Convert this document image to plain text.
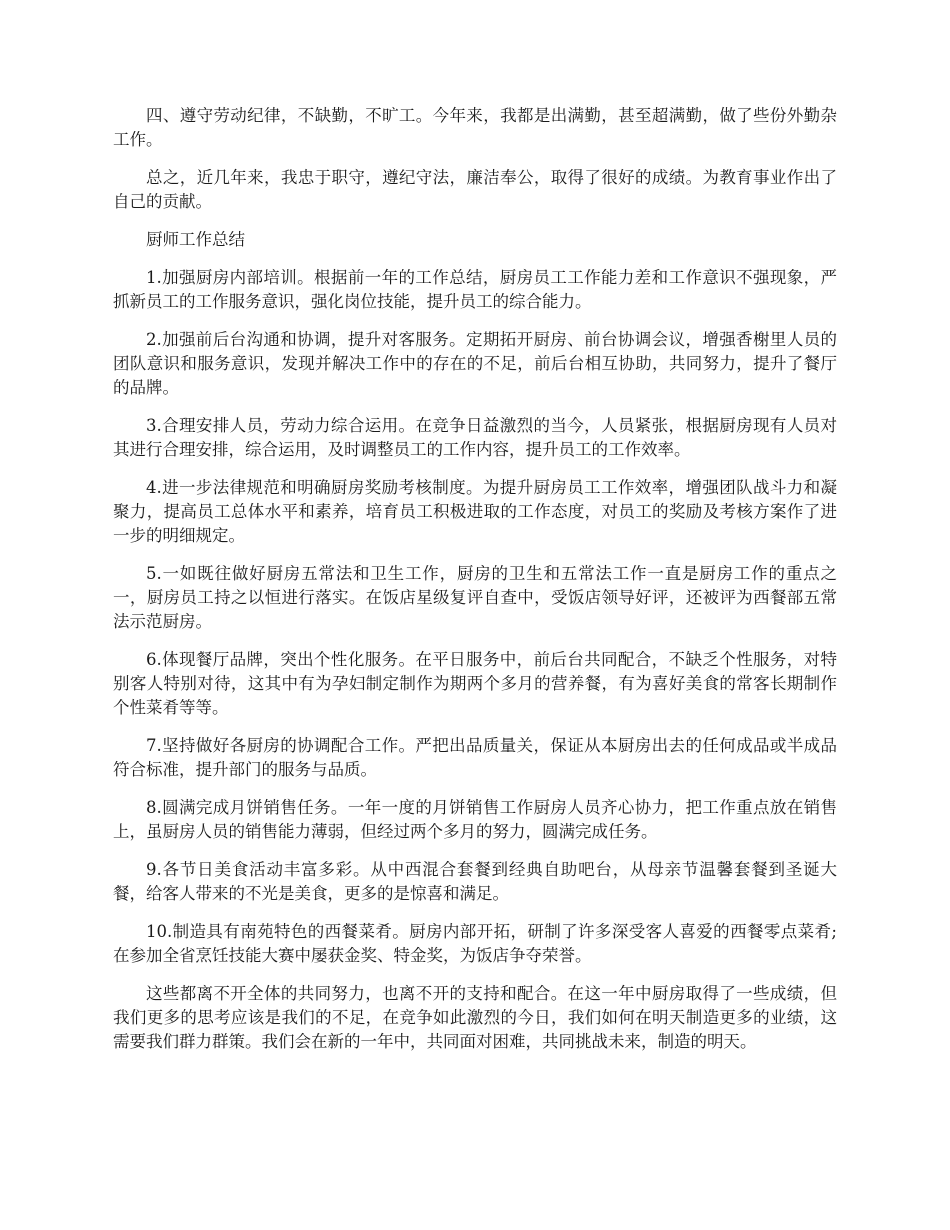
四、遵守劳动纪律，不缺勤，不旷工。今年来，我都是出满勤，甚至超满勤，做了些份外勤杂工作。

总之，近几年来，我忠于职守，遵纪守法，廉洁奉公，取得了很好的成绩。为教育事业作出了自己的贡献。

厨师工作总结

1.加强厨房内部培训。根据前一年的工作总结，厨房员工工作能力差和工作意识不强现象，严抓新员工的工作服务意识，强化岗位技能，提升员工的综合能力。

2.加强前后台沟通和协调，提升对客服务。定期拓开厨房、前台协调会议，增强香榭里人员的团队意识和服务意识，发现并解决工作中的存在的不足，前后台相互协助，共同努力，提升了餐厅的品牌。

3.合理安排人员，劳动力综合运用。在竞争日益激烈的当今，人员紧张，根据厨房现有人员对其进行合理安排，综合运用，及时调整员工的工作内容，提升员工的工作效率。

4.进一步法律规范和明确厨房奖励考核制度。为提升厨房员工工作效率，增强团队战斗力和凝聚力，提高员工总体水平和素养，培育员工积极进取的工作态度，对员工的奖励及考核方案作了进一步的明细规定。

5.一如既往做好厨房五常法和卫生工作，厨房的卫生和五常法工作一直是厨房工作的重点之一，厨房员工持之以恒进行落实。在饭店星级复评自查中，受饭店领导好评，还被评为西餐部五常法示范厨房。

6.体现餐厅品牌，突出个性化服务。在平日服务中，前后台共同配合，不缺乏个性服务，对特别客人特别对待，这其中有为孕妇制定制作为期两个多月的营养餐，有为喜好美食的常客长期制作个性菜肴等等。

7.坚持做好各厨房的协调配合工作。严把出品质量关，保证从本厨房出去的任何成品或半成品符合标准，提升部门的服务与品质。

8.圆满完成月饼销售任务。一年一度的月饼销售工作厨房人员齐心协力，把工作重点放在销售上，虽厨房人员的销售能力薄弱，但经过两个多月的努力，圆满完成任务。

9.各节日美食活动丰富多彩。从中西混合套餐到经典自助吧台，从母亲节温馨套餐到圣诞大餐，给客人带来的不光是美食，更多的是惊喜和满足。

10.制造具有南苑特色的西餐菜肴。厨房内部开拓，研制了许多深受客人喜爱的西餐零点菜肴;在参加全省烹饪技能大赛中屡获金奖、特金奖，为饭店争夺荣誉。

这些都离不开全体的共同努力，也离不开的支持和配合。在这一年中厨房取得了一些成绩，但我们更多的思考应该是我们的不足，在竞争如此激烈的今日，我们如何在明天制造更多的业绩，这需要我们群力群策。我们会在新的一年中，共同面对困难，共同挑战未来，制造的明天。
